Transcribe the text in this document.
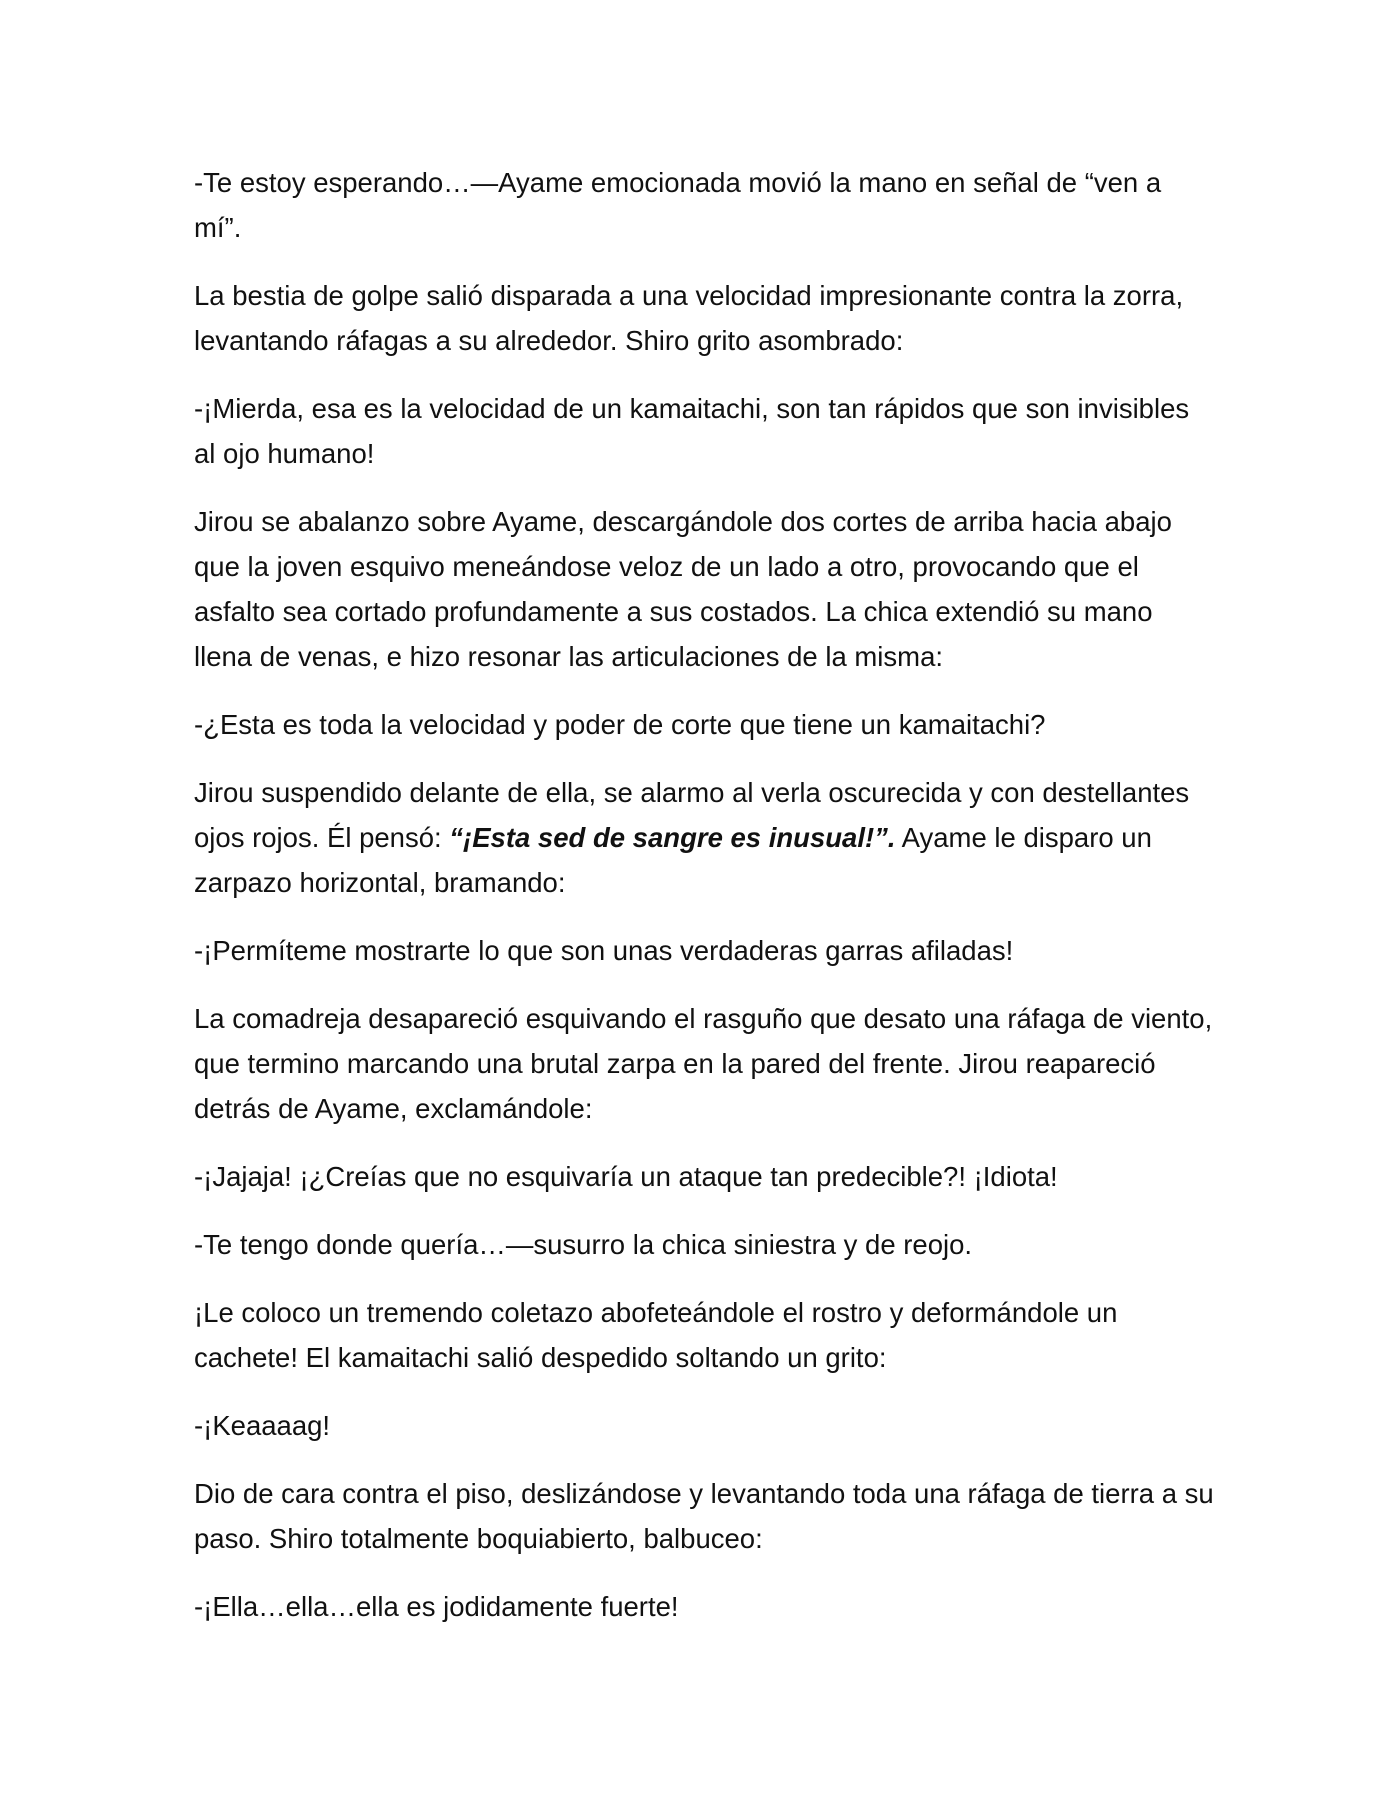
-Te estoy esperando…—Ayame emocionada movió la mano en señal de “ven a mí”.

La bestia de golpe salió disparada a una velocidad impresionante contra la zorra, levantando ráfagas a su alrededor. Shiro grito asombrado:

-¡Mierda, esa es la velocidad de un kamaitachi, son tan rápidos que son invisibles al ojo humano!

Jirou se abalanzo sobre Ayame, descargándole dos cortes de arriba hacia abajo que la joven esquivo meneándose veloz de un lado a otro, provocando que el asfalto sea cortado profundamente a sus costados. La chica extendió su mano llena de venas, e hizo resonar las articulaciones de la misma:

-¿Esta es toda la velocidad y poder de corte que tiene un kamaitachi?

Jirou suspendido delante de ella, se alarmo al verla oscurecida y con destellantes ojos rojos. Él pensó: “¡Esta sed de sangre es inusual!”. Ayame le disparo un zarpazo horizontal, bramando:

-¡Permíteme mostrarte lo que son unas verdaderas garras afiladas!

La comadreja desapareció esquivando el rasguño que desato una ráfaga de viento, que termino marcando una brutal zarpa en la pared del frente. Jirou reapareció detrás de Ayame, exclamándole:

-¡Jajaja! ¡¿Creías que no esquivaría un ataque tan predecible?! ¡Idiota!

-Te tengo donde quería…—susurro la chica siniestra y de reojo.

¡Le coloco un tremendo coletazo abofeteándole el rostro y deformándole un cachete! El kamaitachi salió despedido soltando un grito:

-¡Keaaaag!

Dio de cara contra el piso, deslizándose y levantando toda una ráfaga de tierra a su paso. Shiro totalmente boquiabierto, balbuceo:

-¡Ella…ella…ella es jodidamente fuerte!
